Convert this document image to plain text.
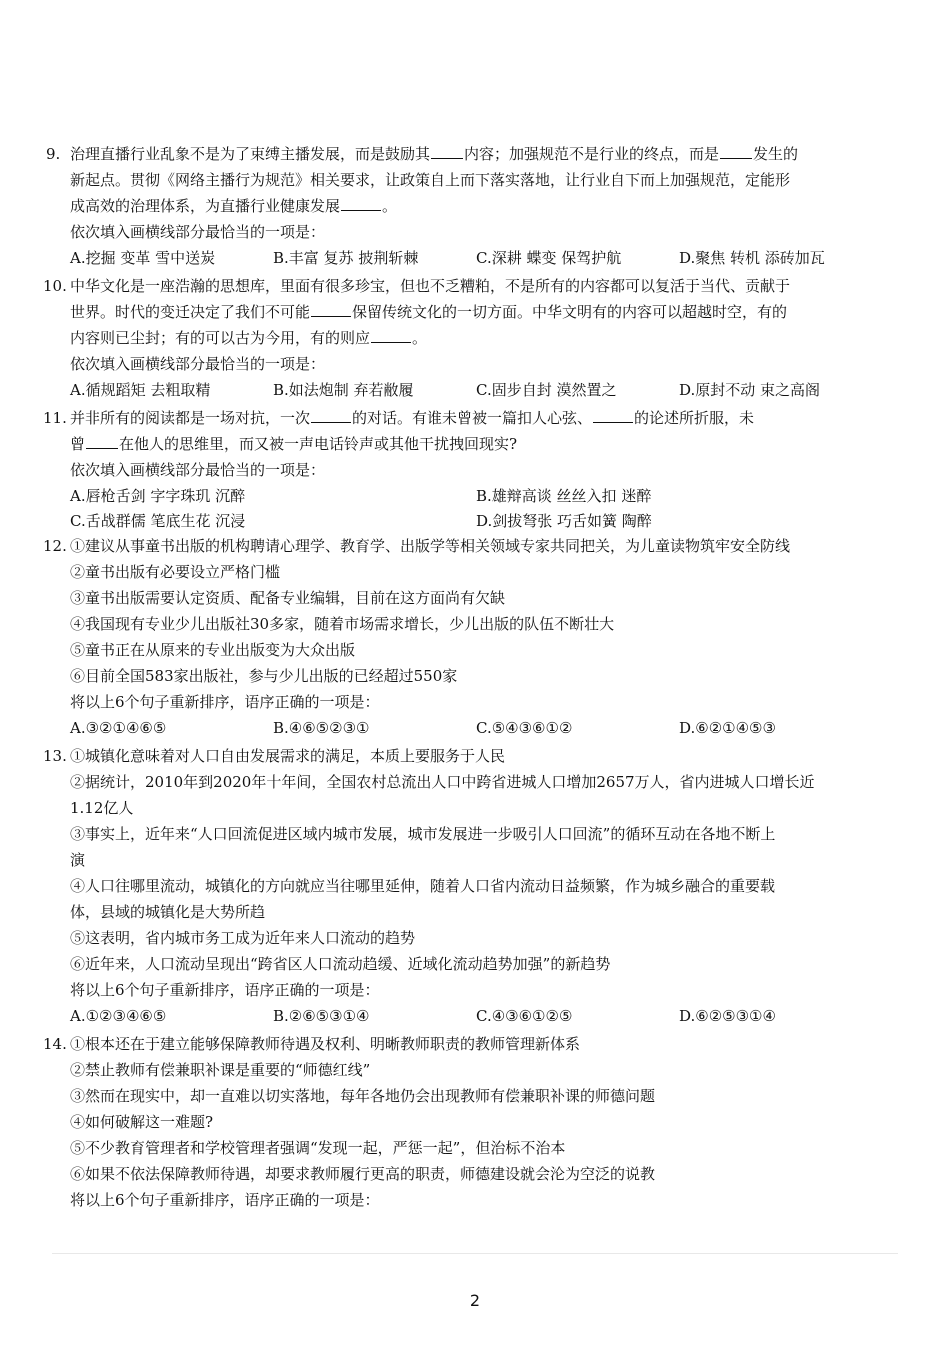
9. 治理直播行业乱象不是为了束缚主播发展，而是鼓励其 内容；加强规范不是行业的终点，而是 发生的
新起点。贯彻《网络主播行为规范》相关要求，让政策自上而下落实落地，让行业自下而上加强规范，定能形
成高效的治理体系，为直播行业健康发展	。
依次填入画横线部分最恰当的一项是：
A.挖掘 变革 雪中送炭	B.丰富 复苏 披荆斩棘	C.深耕 蝶变 保驾护航	D.聚焦 转机 添砖加瓦
10. 中华文化是一座浩瀚的思想库，里面有很多珍宝，但也不乏糟粕，不是所有的内容都可以复活于当代、贡献于
世界。时代的变迁决定了我们不可能	保留传统文化的一切方面。中华文明有的内容可以超越时空，有的
内容则已尘封；有的可以古为今用，有的则应	。
依次填入画横线部分最恰当的一项是：
A.循规蹈矩 去粗取精	B.如法炮制 弃若敝履	C.固步自封 漠然置之	D.原封不动 束之高阁
11. 并非所有的阅读都是一场对抗，一次	的对话。有谁未曾被一篇扣人心弦、	的论述所折服，未
曾 在他人的思维里，而又被一声电话铃声或其他干扰拽回现实?
依次填入画横线部分最恰当的一项是：
A.唇枪舌剑 字字珠玑 沉醉	B.雄辩高谈 丝丝入扣 迷醉
C.舌战群儒 笔底生花 沉浸	D.剑拔弩张 巧舌如簧 陶醉
12. ①建议从事童书出版的机构聘请心理学、教育学、出版学等相关领域专家共同把关，为儿童读物筑牢安全防线
②童书出版有必要设立严格门槛
③童书出版需要认定资质、配备专业编辑，目前在这方面尚有欠缺
④我国现有专业少儿出版社30多家，随着市场需求增长，少儿出版的队伍不断壮大
⑤童书正在从原来的专业出版变为大众出版
⑥目前全国583家出版社，参与少儿出版的已经超过550家
将以上6个句子重新排序，语序正确的一项是：
A.③②①④⑥⑤	B.④⑥⑤②③①	C.⑤④③⑥①②	D.⑥②①④⑤③
13. ①城镇化意味着对人口自由发展需求的满足，本质上要服务于人民
②据统计，2010年到2020年十年间，全国农村总流出人口中跨省进城人口增加2657万人，省内进城人口增长近
1.12亿人
③事实上，近年来“人口回流促进区域内城市发展，城市发展进一步吸引人口回流”的循环互动在各地不断上
演
④人口往哪里流动，城镇化的方向就应当往哪里延伸，随着人口省内流动日益频繁，作为城乡融合的重要载
体，县域的城镇化是大势所趋
⑤这表明，省内城市务工成为近年来人口流动的趋势
⑥近年来，人口流动呈现出“跨省区人口流动趋缓、近域化流动趋势加强”的新趋势
将以上6个句子重新排序，语序正确的一项是：
A.①②③④⑥⑤	B.②⑥⑤③①④	C.④③⑥①②⑤	D.⑥②⑤③①④
14. ①根本还在于建立能够保障教师待遇及权利、明晰教师职责的教师管理新体系
②禁止教师有偿兼职补课是重要的“师德红线”
③然而在现实中，却一直难以切实落地，每年各地仍会出现教师有偿兼职补课的师德问题
④如何破解这一难题?
⑤不少教育管理者和学校管理者强调“发现一起，严惩一起”，但治标不治本
⑥如果不依法保障教师待遇，却要求教师履行更高的职责，师德建设就会沦为空泛的说教
将以上6个句子重新排序，语序正确的一项是：
2
